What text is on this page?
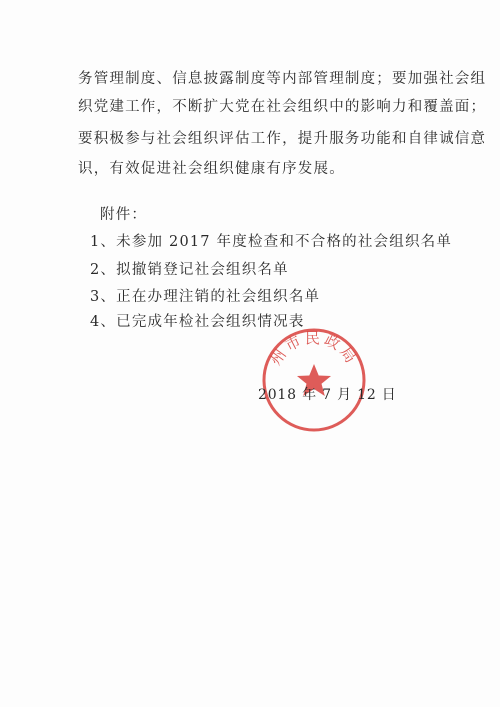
务管理制度、信息披露制度等内部管理制度；要加强社会组
织党建工作，不断扩大党在社会组织中的影响力和覆盖面；
要积极参与社会组织评估工作，提升服务功能和自律诚信意
识，有效促进社会组织健康有序发展。
附件：
1、未参加 2017 年度检查和不合格的社会组织名单
2、拟撤销登记社会组织名单
3、正在办理注销的社会组织名单
4、已完成年检社会组织情况表
州市民政局
2018 年 7 月 12 日
